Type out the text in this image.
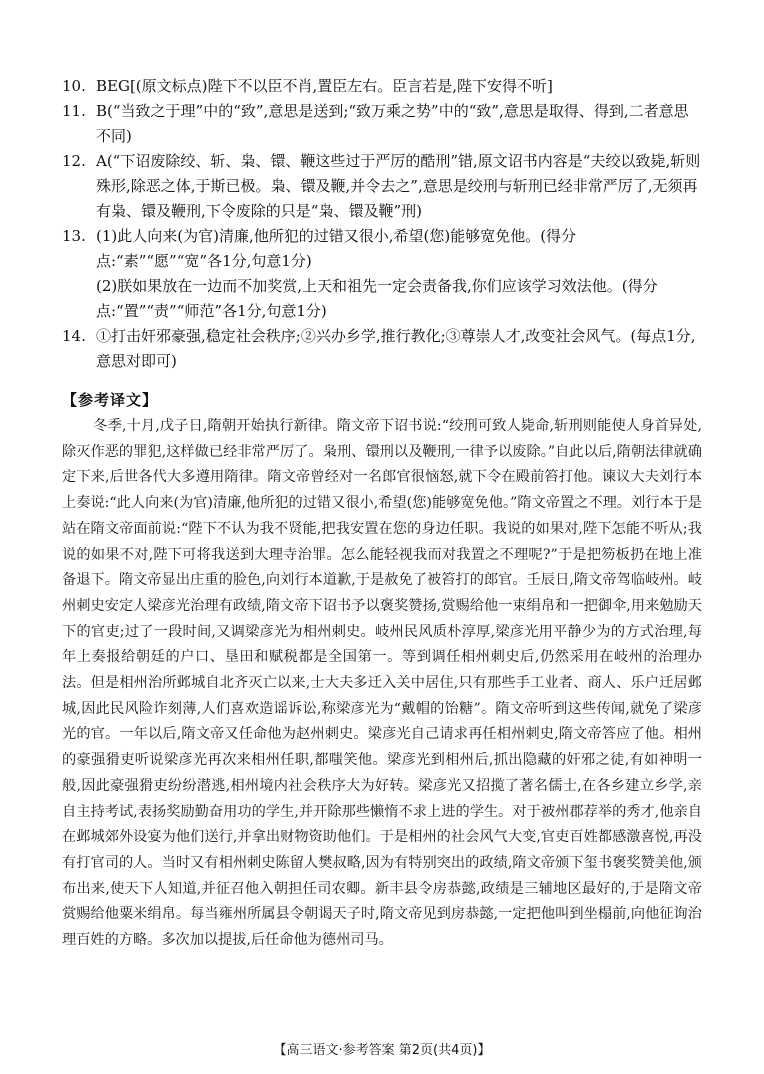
10. BEG[(原文标点)陛下不以臣不肖,置臣左右。臣言若是,陛下安得不听]

11. B(“当致之于理”中的“致”,意思是送到;“致万乘之势”中的“致”,意思是取得、得到,二者意思不同)

12. A(“下诏废除绞、斩、枭、镮、鞭这些过于严厉的酷刑”错,原文诏书内容是“夫绞以致毙,斩则殊形,除恶之体,于斯已极。枭、镮及鞭,并令去之”,意思是绞刑与斩刑已经非常严厉了,无须再有枭、镮及鞭刑,下令废除的只是“枭、镮及鞭”刑)

13. (1)此人向来(为官)清廉,他所犯的过错又很小,希望(您)能够宽免他。(得分点:“素”“愿”“宽”各1分,句意1分)

(2)朕如果放在一边而不加奖赏,上天和祖先一定会责备我,你们应该学习效法他。(得分点:“置”“责”“师范”各1分,句意1分)

14. ①打击奸邪豪强,稳定社会秩序;②兴办乡学,推行教化;③尊崇人才,改变社会风气。(每点1分,意思对即可)

【参考译文】

冬季,十月,戊子日,隋朝开始执行新律。隋文帝下诏书说:“绞刑可致人毙命,斩刑则能使人身首异处,除灭作恶的罪犯,这样做已经非常严厉了。枭刑、镮刑以及鞭刑,一律予以废除。”自此以后,隋朝法律就确定下来,后世各代大多遵用隋律。隋文帝曾经对一名郎官很恼怒,就下令在殿前笞打他。谏议大夫刘行本上奏说:“此人向来(为官)清廉,他所犯的过错又很小,希望(您)能够宽免他。”隋文帝置之不理。刘行本于是站在隋文帝面前说:“陛下不认为我不贤能,把我安置在您的身边任职。我说的如果对,陛下怎能不听从;我说的如果不对,陛下可将我送到大理寺治罪。怎么能轻视我而对我置之不理呢?”于是把笏板扔在地上准备退下。隋文帝显出庄重的脸色,向刘行本道歉,于是赦免了被笞打的郎官。壬辰日,隋文帝驾临岐州。岐州刺史安定人梁彦光治理有政绩,隋文帝下诏书予以褒奖赞扬,赏赐给他一束绢帛和一把御伞,用来勉励天下的官吏;过了一段时间,又调梁彦光为相州刺史。岐州民风质朴淳厚,梁彦光用平静少为的方式治理,每年上奏报给朝廷的户口、垦田和赋税都是全国第一。等到调任相州刺史后,仍然采用在岐州的治理办法。但是相州治所邺城自北齐灭亡以来,士大夫多迁入关中居住,只有那些手工业者、商人、乐户迁居邺城,因此民风险诈刻薄,人们喜欢造谣诉讼,称梁彦光为“戴帽的饴糖”。隋文帝听到这些传闻,就免了梁彦光的官。一年以后,隋文帝又任命他为赵州刺史。梁彦光自己请求再任相州刺史,隋文帝答应了他。相州的豪强猾吏听说梁彦光再次来相州任职,都嗤笑他。梁彦光到相州后,抓出隐藏的奸邪之徒,有如神明一般,因此豪强猾吏纷纷潜逃,相州境内社会秩序大为好转。梁彦光又招揽了著名儒士,在各乡建立乡学,亲自主持考试,表扬奖励勤奋用功的学生,并开除那些懒惰不求上进的学生。对于被州郡荐举的秀才,他亲自在邺城郊外设宴为他们送行,并拿出财物资助他们。于是相州的社会风气大变,官吏百姓都感激喜悦,再没有打官司的人。当时又有相州刺史陈留人樊叔略,因为有特别突出的政绩,隋文帝颁下玺书褒奖赞美他,颁布出来,使天下人知道,并征召他入朝担任司农卿。新丰县令房恭懿,政绩是三辅地区最好的,于是隋文帝赏赐给他粟米绢帛。每当雍州所属县令朝谒天子时,隋文帝见到房恭懿,一定把他叫到坐榻前,向他征询治理百姓的方略。多次加以提拔,后任命他为德州司马。

【高三语文·参考答案 第2页(共4页)】
